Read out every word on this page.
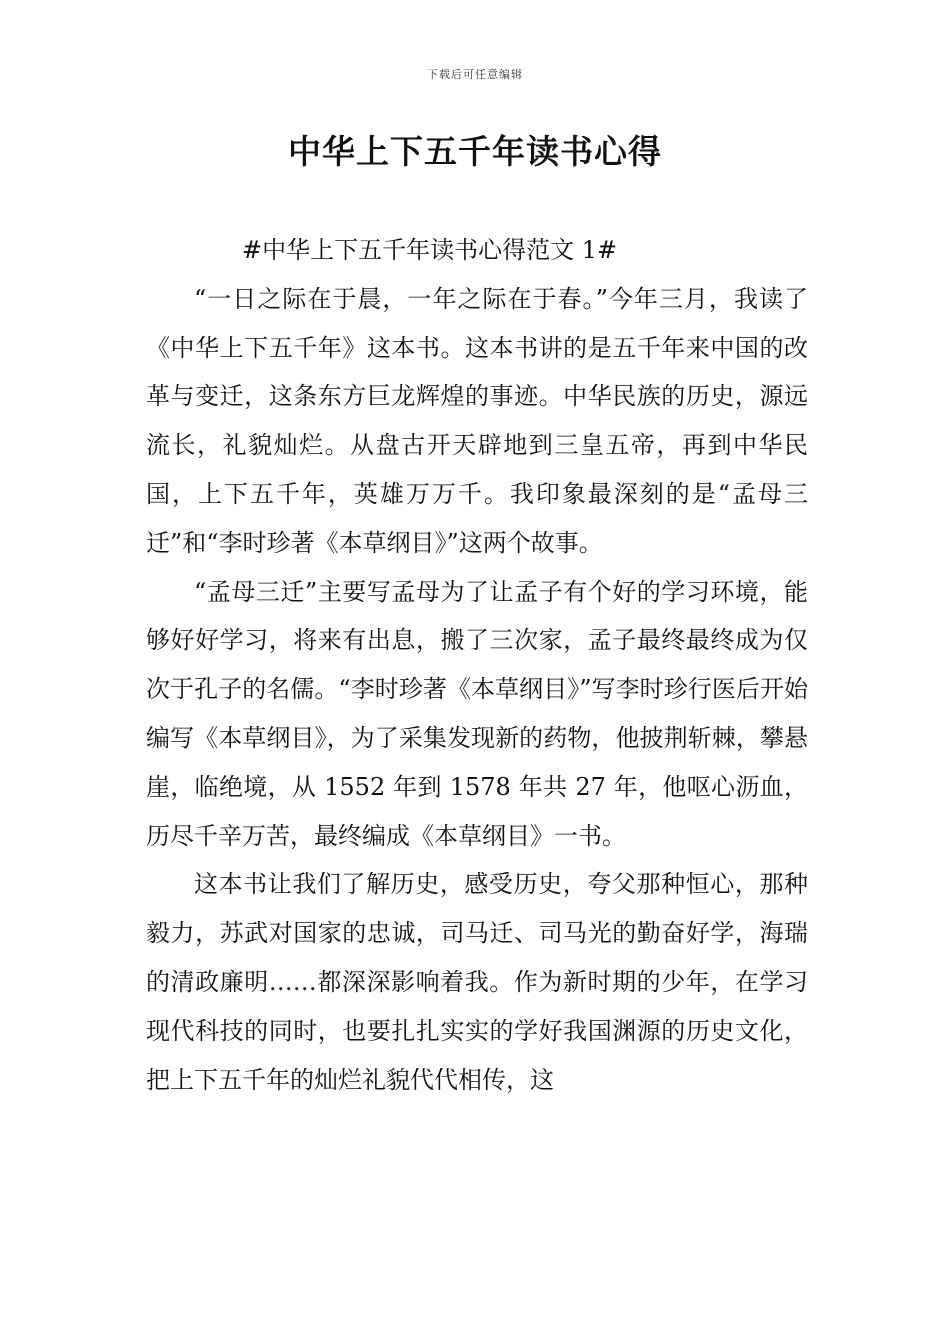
下载后可任意编辑
中华上下五千年读书心得

#中华上下五千年读书心得范文 1#

“一日之际在于晨，一年之际在于春。”今年三月，我读了《中华上下五千年》这本书。这本书讲的是五千年来中国的改革与变迁，这条东方巨龙辉煌的事迹。中华民族的历史，源远流长，礼貌灿烂。从盘古开天辟地到三皇五帝，再到中华民国，上下五千年，英雄万万千。我印象最深刻的是“孟母三迁”和“李时珍著《本草纲目》”这两个故事。

“孟母三迁”主要写孟母为了让孟子有个好的学习环境，能够好好学习，将来有出息，搬了三次家，孟子最终最终成为仅次于孔子的名儒。“李时珍著《本草纲目》”写李时珍行医后开始编写《本草纲目》，为了采集发现新的药物，他披荆斩棘，攀悬崖，临绝境，从 1552 年到 1578 年共 27 年，他呕心沥血，历尽千辛万苦，最终编成《本草纲目》一书。

这本书让我们了解历史，感受历史，夸父那种恒心，那种毅力，苏武对国家的忠诚，司马迁、司马光的勤奋好学，海瑞的清政廉明……都深深影响着我。作为新时期的少年，在学习现代科技的同时，也要扎扎实实的学好我国渊源的历史文化，把上下五千年的灿烂礼貌代代相传，这
